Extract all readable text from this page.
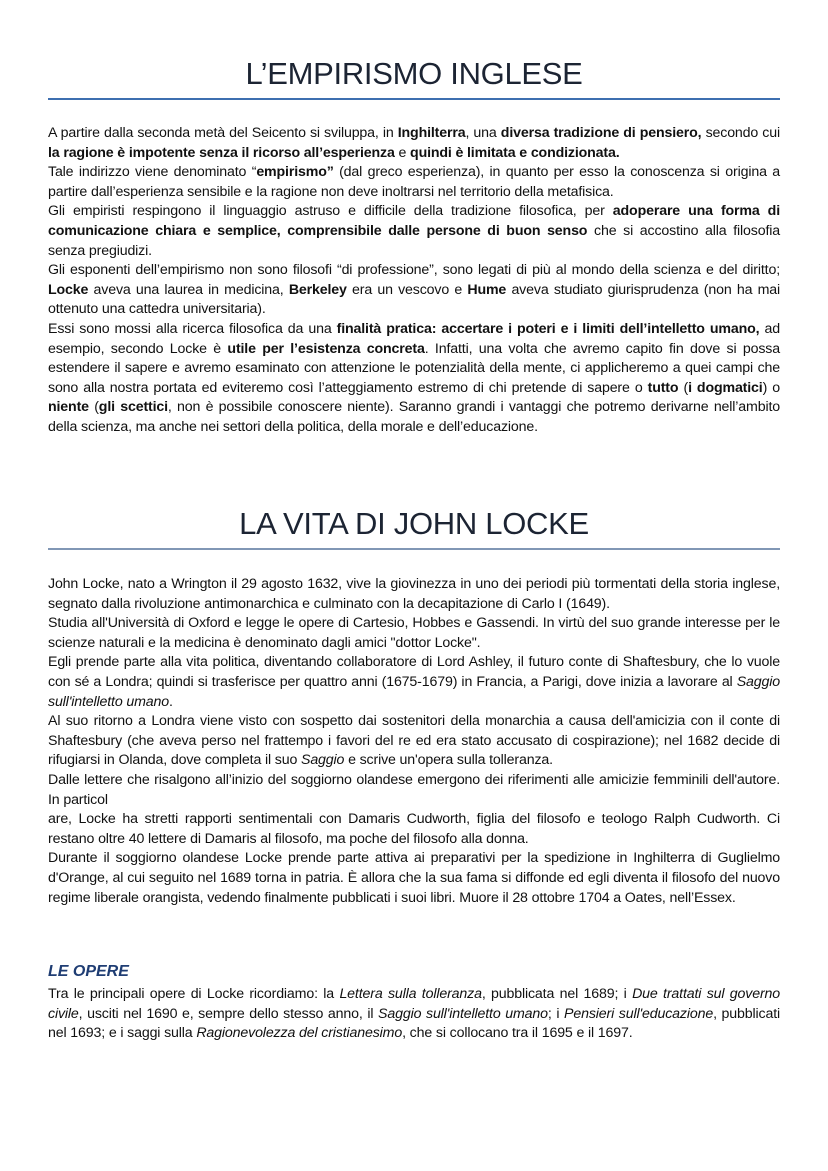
L’EMPIRISMO INGLESE

A partire dalla seconda metà del Seicento si sviluppa, in Inghilterra, una diversa tradizione di pensiero, secondo cui la ragione è impotente senza il ricorso all’esperienza e quindi è limitata e condizionata.

Tale indirizzo viene denominato “empirismo” (dal greco esperienza), in quanto per esso la conoscenza si origina a partire dall’esperienza sensibile e la ragione non deve inoltrarsi nel territorio della metafisica.

Gli empiristi respingono il linguaggio astruso e difficile della tradizione filosofica, per adoperare una forma di comunicazione chiara e semplice, comprensibile dalle persone di buon senso che si accostino alla filosofia senza pregiudizi.

Gli esponenti dell’empirismo non sono filosofi “di professione”, sono legati di più al mondo della scienza e del diritto; Locke aveva una laurea in medicina, Berkeley era un vescovo e Hume aveva studiato giurisprudenza (non ha mai ottenuto una cattedra universitaria).

Essi sono mossi alla ricerca filosofica da una finalità pratica: accertare i poteri e i limiti dell’intelletto umano, ad esempio, secondo Locke è utile per l’esistenza concreta. Infatti, una volta che avremo capito fin dove si possa estendere il sapere e avremo esaminato con attenzione le potenzialità della mente, ci applicheremo a quei campi che sono alla nostra portata ed eviteremo così l’atteggiamento estremo di chi pretende di sapere o tutto (i dogmatici) o niente (gli scettici, non è possibile conoscere niente). Saranno grandi i vantaggi che potremo derivarne nell’ambito della scienza, ma anche nei settori della politica, della morale e dell’educazione.

LA VITA DI JOHN LOCKE

John Locke, nato a Wrington il 29 agosto 1632, vive la giovinezza in uno dei periodi più tormentati della storia inglese, segnato dalla rivoluzione antimonarchica e culminato con la decapitazione di Carlo I (1649).

Studia all'Università di Oxford e legge le opere di Cartesio, Hobbes e Gassendi. In virtù del suo grande interesse per le scienze naturali e la medicina è denominato dagli amici "dottor Locke".

Egli prende parte alla vita politica, diventando collaboratore di Lord Ashley, il futuro conte di Shaftesbury, che lo vuole con sé a Londra; quindi si trasferisce per quattro anni (1675-1679) in Francia, a Parigi, dove inizia a lavorare al Saggio sull'intelletto umano.

Al suo ritorno a Londra viene visto con sospetto dai sostenitori della monarchia a causa dell'amicizia con il conte di Shaftesbury (che aveva perso nel frattempo i favori del re ed era stato accusato di cospirazione); nel 1682 decide di rifugiarsi in Olanda, dove completa il suo Saggio e scrive un'opera sulla tolleranza.

Dalle lettere che risalgono all’inizio del soggiorno olandese emergono dei riferimenti alle amicizie femminili dell'autore. In particol

are, Locke ha stretti rapporti sentimentali con Damaris Cudworth, figlia del filosofo e teologo Ralph Cudworth. Ci restano oltre 40 lettere di Damaris al filosofo, ma poche del filosofo alla donna.

Durante il soggiorno olandese Locke prende parte attiva ai preparativi per la spedizione in Inghilterra di Guglielmo d'Orange, al cui seguito nel 1689 torna in patria. È allora che la sua fama si diffonde ed egli diventa il filosofo del nuovo regime liberale orangista, vedendo finalmente pubblicati i suoi libri. Muore il 28 ottobre 1704 a Oates, nell’Essex.

LE OPERE

Tra le principali opere di Locke ricordiamo: la Lettera sulla tolleranza, pubblicata nel 1689; i Due trattati sul governo civile, usciti nel 1690 e, sempre dello stesso anno, il Saggio sull'intelletto umano; i Pensieri sull'educazione, pubblicati nel 1693; e i saggi sulla Ragionevolezza del cristianesimo, che si collocano tra il 1695 e il 1697.
